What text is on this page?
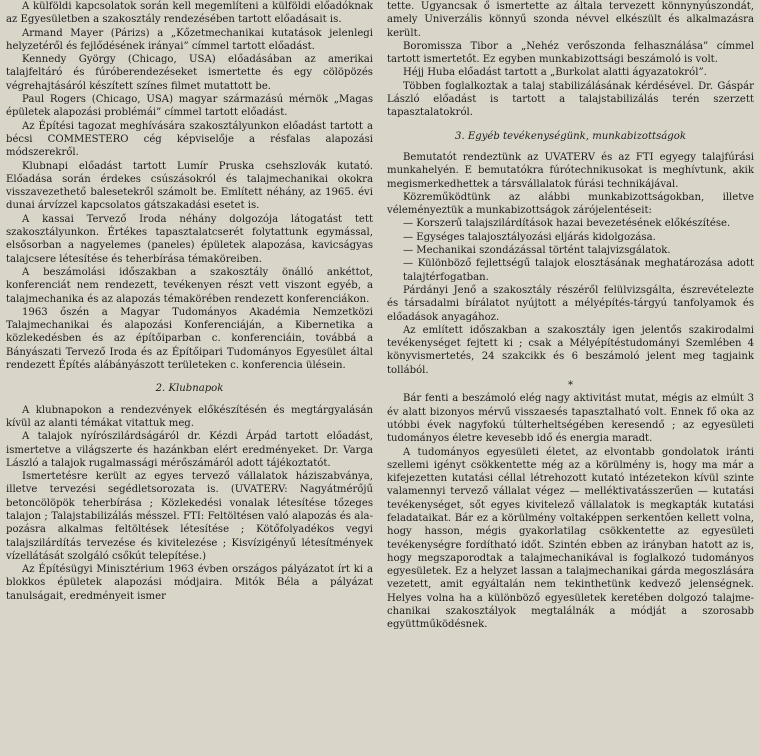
A külföldi kapcsolatok során kell megemlíteni a külföldi előadóknak az Egyesületben a szakosztály rendezésében tartott előadásait is.

Armand Mayer (Párizs) a „Kőzetmechanikai kutatások jelenlegi helyzetéről és fejlődésének irányai” címmel tartott előadást.

Kennedy György (Chicago, USA) előadásában az amerikai talajfeltáró és fúróberendezéseket ismertette és egy cölöpözés végrehajtásáról készített színes filmet mutattott be.

Paul Rogers (Chicago, USA) magyar származású mérnök „Magas épületek alapozási problémái” címmel tartott előadást.

Az Építési tagozat meghívására szakosztályunkon előadást tartott a bécsi COMMESTERO cég képviselője a résfalas alapozási módszerekről.

Klubnapi előadást tartott Lumír Pruska csehszlovák kutató. Előadása során érdekes csúszásokról és talajmechanikai okokra visszavezethető balesetekről számolt be. Említett néhány, az 1965. évi dunai árvízzel kapcsolatos gátszakadási esetet is.

A kassai Tervező Iroda néhány dolgozója látogatást tett szakosztályunkon. Értékes tapasztalatcserét folytattunk egymással, elsősorban a nagyelemes (paneles) épületek alapozása, kavicságyas talajcsere létesítése és teherbírása témaköreiben.

A beszámolási időszakban a szakosztály önálló ankéttot, konferenciát nem rendezett, tevékenyen részt vett viszont egyéb, a talajmechanika és az alapozás témakörében rendezett konferenciákon.

1963 őszén a Magyar Tudományos Akadémia Nemzetközi Talajmechanikai és alapozási Konferenciáján, a Kibernetika a közlekedésben és az építőiparban c. konferenciáin, továbbá a Bányászati Tervező Iroda és az Építőipari Tudományos Egyesület által rendezett Építés alábányászott területeken c. konferencia ülésein.

2. Klubnapok

A klubnapokon a rendezvények előkészítésén és megtárgyalásán kívül az alanti témákat vitattuk meg.

A talajok nyírószilárdságáról dr. Kézdi Árpád tartott előadást, ismertetve a világszerte és hazánkban elért eredményeket. Dr. Varga László a talajok rugalmassági mérőszámáról adott tájékoztatót.

Ismertetésre került az egyes tervező vállalatok háziszabványa, illetve tervezési segédletsorozata is. (UVATERV: Nagyátmérőjű betoncölöpök teherbírása ; Közlekedési vonalak létesítése tőzeges talajon ; Talajstabilizálás mésszel. FTI: Feltöltésen való alapozás és alapozásra alkalmas feltöltések létesítése ; Kötőfolyadékos vegyi talajszilárdítás tervezése és kivitelezése ; Kisvízigényű létesítmények vízellátását szolgáló csőkút telepítése.)

Az Építésügyi Minisztérium 1963 évben országos pályázatot írt ki a blokkos épületek alapozási módjaira. Mitók Béla a pályázat tanulságait, eredményeit ismer

tette. Ugyancsak ő ismertette az általa tervezett könnynyúszondát, amely Univerzális könnyű szonda névvel elkészült és alkalmazásra került.

Boromissza Tibor a „Nehéz verőszonda felhasználása” címmel tartott ismertetőt. Ez egyben munkabizottsági beszámoló is volt.

Héjj Huba előadást tartott a „Burkolat alatti ágyazatokról”.

Többen foglalkoztak a talaj stabilizálásának kérdésével. Dr. Gáspár László előadást is tartott a talajstabilizálás terén szerzett tapasztalatokról.

3. Egyéb tevékenységünk, munkabizottságok

Bemutatót rendeztünk az UVATERV és az FTI egyegy talajfúrási munkahelyén. E bemutatókra fúrótechnikusokat is meghívtunk, akik megismerkedhettek a társvállalatok fúrási technikájával.

Közreműködtünk az alábbi munkabizottságokban, illetve véleményeztük a munkabizottságok zárójelentéseit:

— Korszerű talajszilárdítások hazai bevezetésének előkészítése.

— Egységes talajosztályozási eljárás kidolgozása.

— Mechanikai szondázással történt talajvizsgálatok.

— Különböző fejlettségű talajok elosztásának meghatározása adott talajtérfogatban.

Párdányi Jenő a szakosztály részéről felülvizsgálta, észrevételezte és társadalmi bírálatot nyújtott a mélyépítés-tárgyú tanfolyamok és előadások anyagához.

Az említett időszakban a szakosztály igen jelentős szakirodalmi tevékenységet fejtett ki ; csak a Mélyépítéstudományi Szemlében 4 könyvismertetés, 24 szakcikk és 6 beszámoló jelent meg tagjaink tollából.

*

Bár fenti a beszámoló elég nagy aktivitást mutat, mégis az elmúlt 3 év alatt bizonyos mérvű visszaesés tapasztalható volt. Ennek fő oka az utóbbi évek nagyfokú túlterheltségében keresendő ; az egyesületi tudományos életre kevesebb idő és energia maradt.

A tudományos egyesületi életet, az elvontabb gondolatok iránti szellemi igényt csökkentette még az a körülmény is, hogy ma már a kifejezetten kutatási céllal létrehozott kutató intézetekon kívül szinte valamennyi tervező vállalat végez — melléktivatásszerűen — kutatási tevékenységet, sőt egyes kivitelező vállalatok is megkapták kutatási feladataikat. Bár ez a körülmény voltaképpen serkentően kellett volna, hogy hasson, mégis gyakorlatilag csökkentette az egyesületi tevékenységre fordítható időt. Szintén ebben az irányban hatott az is, hogy megszaporodtak a talajmechanikával is foglalkozó tudományos egyesületek. Ez a helyzet lassan a talajmechanikai gárda megoszlására vezetett, amit egyáltalán nem tekinthetünk kedvező jelenségnek. Helyes volna ha a különböző egyesületek keretében dolgozó talajmechanikai szakosztályok megtalálnák a módját a szorosabb együttműködésnek.
